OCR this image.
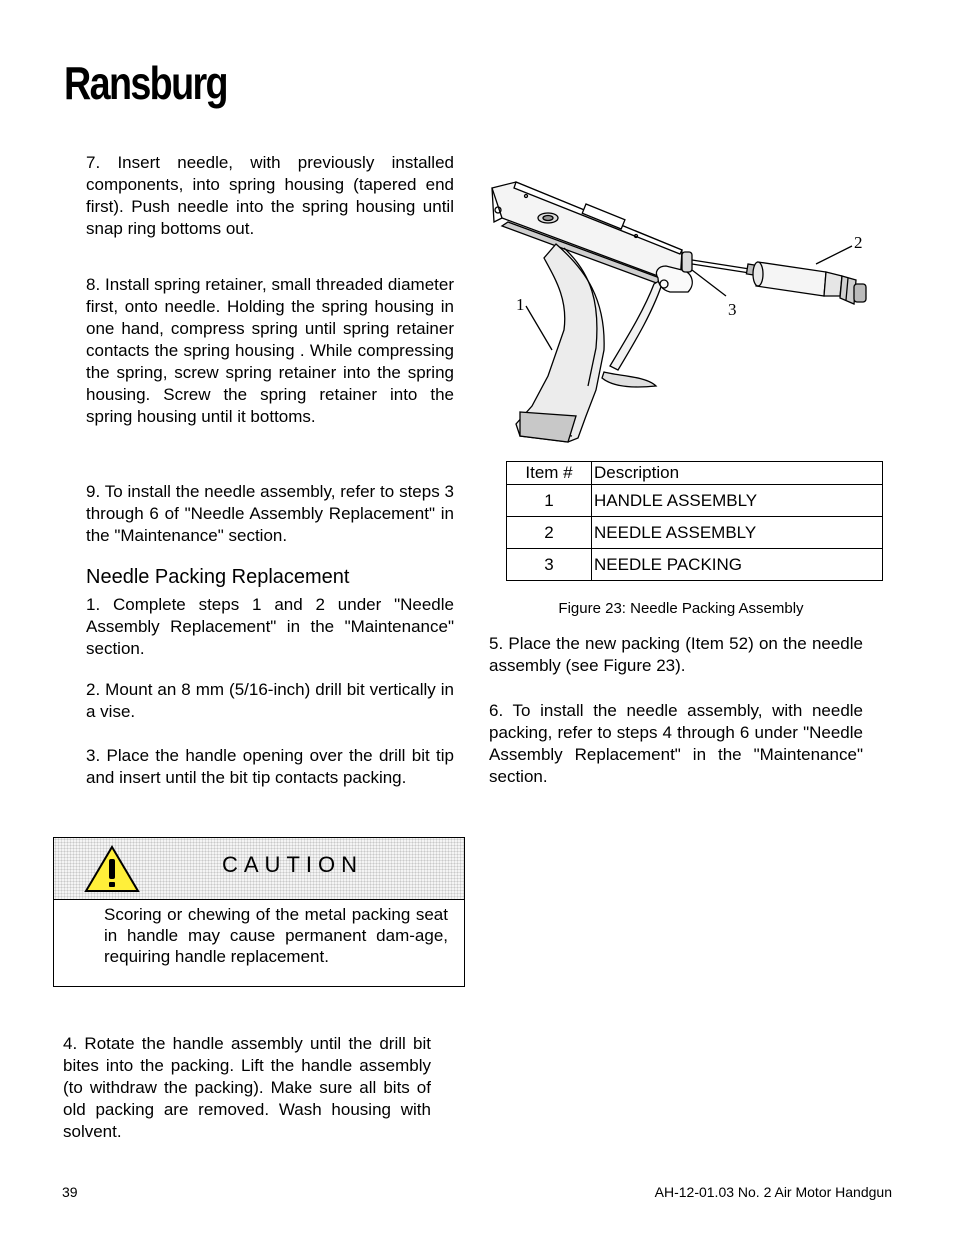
Ransburg

7. Insert needle, with previously installed components, into spring housing (tapered end first). Push needle into the spring housing until snap ring bottoms out.

8. Install spring retainer, small threaded diameter first, onto needle. Holding the spring housing in one hand, compress spring until spring retainer contacts the spring housing . While compressing the spring, screw spring retainer into the spring housing. Screw the spring retainer into the spring housing until it bottoms.

9. To install the needle assembly, refer to steps 3 through 6 of "Needle Assembly Replacement" in the "Maintenance" section.

Needle Packing Replacement

1. Complete steps 1 and 2 under "Needle Assembly Replacement" in the "Maintenance" section.

2. Mount an 8 mm (5/16-inch) drill bit vertically in a vise.

3. Place the handle opening over the drill bit tip and insert until the bit tip contacts packing.

CAUTION
Scoring or chewing of the metal packing seat in handle may cause permanent dam-age, requiring handle replacement.

4. Rotate the handle assembly until the drill bit bites into the packing. Lift the handle assembly (to withdraw the packing). Make sure all bits of old packing are removed. Wash housing with solvent.

1
2
3
Item #	Description
1	HANDLE ASSEMBLY
2	NEEDLE ASSEMBLY
3	NEEDLE PACKING
Figure 23: Needle Packing Assembly

5. Place the new packing (Item 52) on the needle assembly (see Figure 23).

6. To install the needle assembly, with needle packing, refer to steps 4 through 6 under "Needle Assembly Replacement" in the "Maintenance" section.

39	AH-12-01.03 No. 2 Air Motor Handgun
